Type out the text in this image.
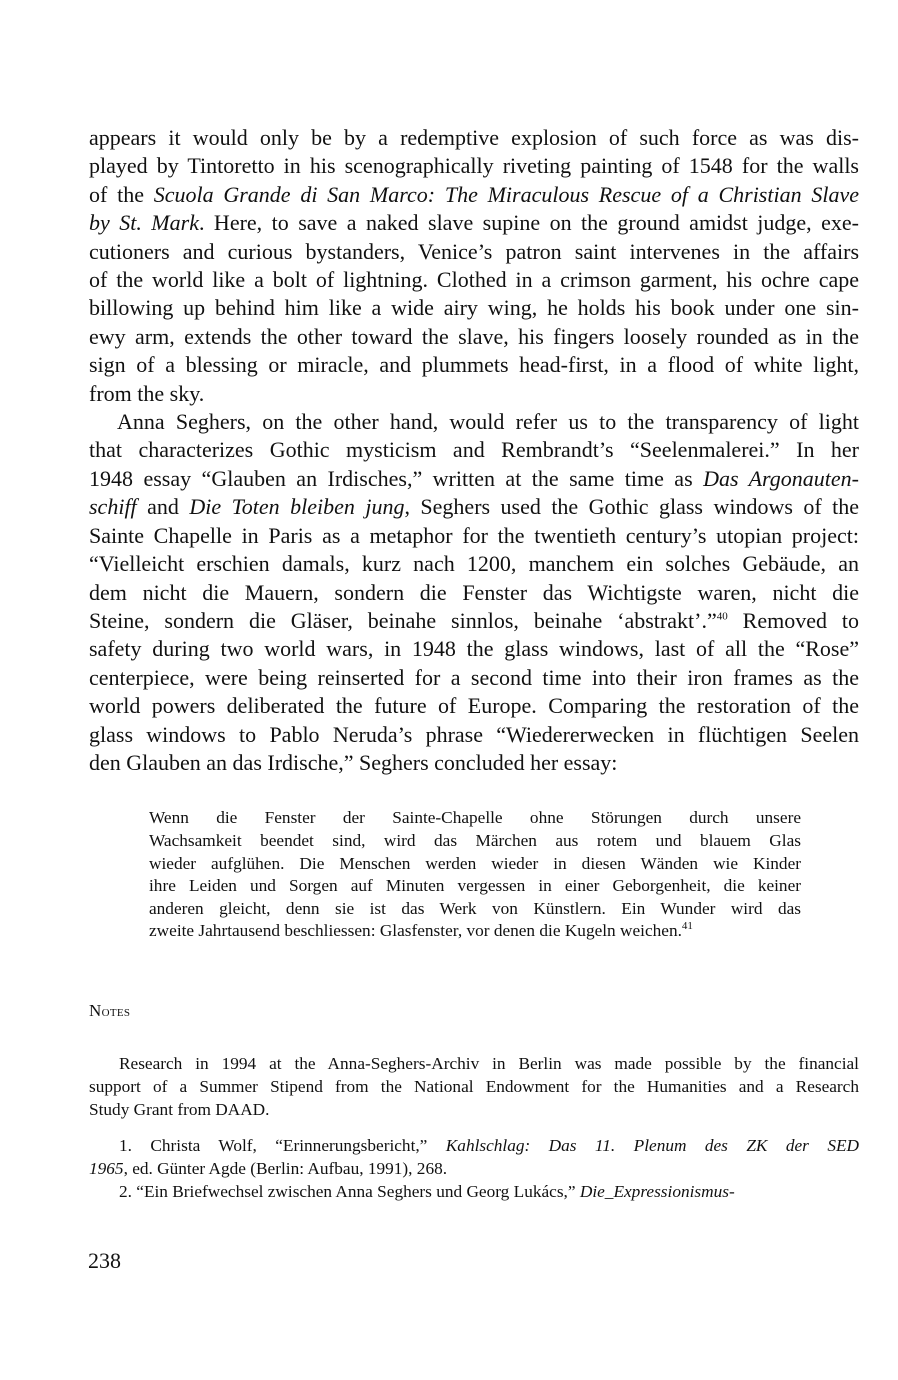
appears it would only be by a redemptive explosion of such force as was dis-
played by Tintoretto in his scenographically riveting painting of 1548 for the walls
of the Scuola Grande di San Marco: The Miraculous Rescue of a Christian Slave
by St. Mark. Here, to save a naked slave supine on the ground amidst judge, exe-
cutioners and curious bystanders, Venice’s patron saint intervenes in the affairs
of the world like a bolt of lightning. Clothed in a crimson garment, his ochre cape
billowing up behind him like a wide airy wing, he holds his book under one sin-
ewy arm, extends the other toward the slave, his fingers loosely rounded as in the
sign of a blessing or miracle, and plummets head-first, in a flood of white light,
from the sky.

Anna Seghers, on the other hand, would refer us to the transparency of light
that characterizes Gothic mysticism and Rembrandt’s “Seelenmalerei.” In her
1948 essay “Glauben an Irdisches,” written at the same time as Das Argonauten-
schiff and Die Toten bleiben jung, Seghers used the Gothic glass windows of the
Sainte Chapelle in Paris as a metaphor for the twentieth century’s utopian project:
“Vielleicht erschien damals, kurz nach 1200, manchem ein solches Gebäude, an
dem nicht die Mauern, sondern die Fenster das Wichtigste waren, nicht die
Steine, sondern die Gläser, beinahe sinnlos, beinahe ‘abstrakt’.”$^{40}$ Removed to
safety during two world wars, in 1948 the glass windows, last of all the “Rose”
centerpiece, were being reinserted for a second time into their iron frames as the
world powers deliberated the future of Europe. Comparing the restoration of the
glass windows to Pablo Neruda’s phrase “Wiedererwecken in flüchtigen Seelen
den Glauben an das Irdische,” Seghers concluded her essay:

Wenn die Fenster der Sainte-Chapelle ohne Störungen durch unsere
Wachsamkeit beendet sind, wird das Märchen aus rotem und blauem Glas
wieder aufglühen. Die Menschen werden wieder in diesen Wänden wie Kinder
ihre Leiden und Sorgen auf Minuten vergessen in einer Geborgenheit, die keiner
anderen gleicht, denn sie ist das Werk von Künstlern. Ein Wunder wird das
zweite Jahrtausend beschliessen: Glasfenster, vor denen die Kugeln weichen.$^{41}$
Notes

Research in 1994 at the Anna-Seghers-Archiv in Berlin was made possible by the financial
support of a Summer Stipend from the National Endowment for the Humanities and a Research
Study Grant from DAAD.

1. Christa Wolf, “Erinnerungsbericht,” Kahlschlag: Das 11. Plenum des ZK der SED
1965, ed. Günter Agde (Berlin: Aufbau, 1991), 268.

2. “Ein Briefwechsel zwischen Anna Seghers und Georg Lukács,” Die_Expressionismus-

238
